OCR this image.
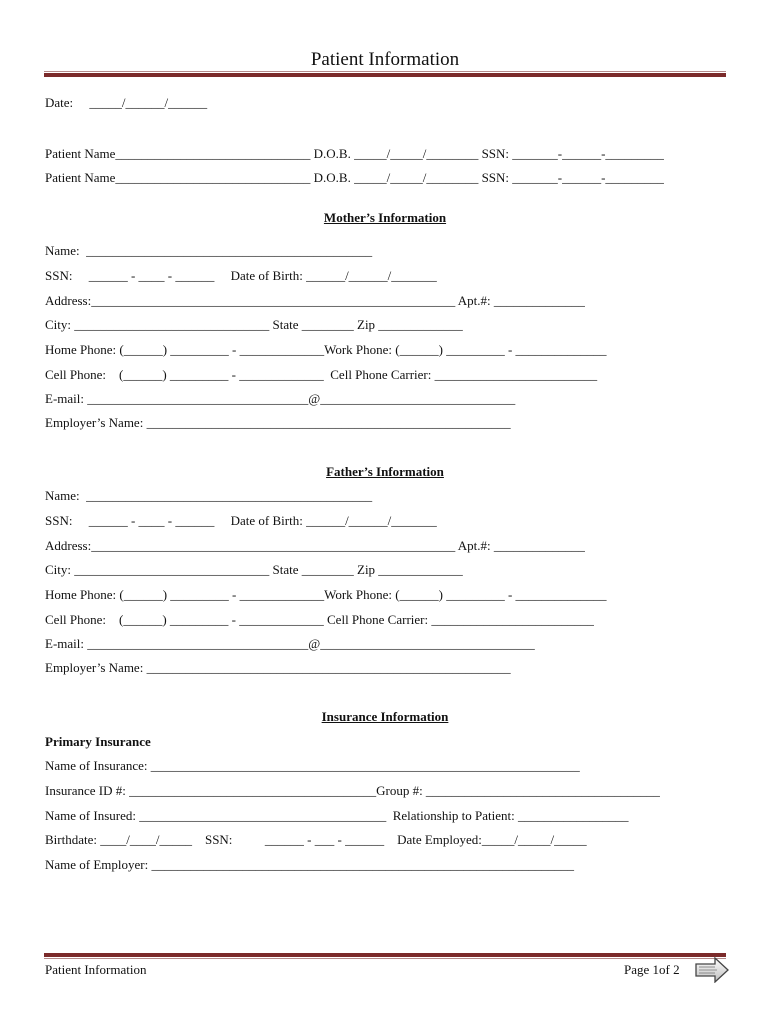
Patient Information
Date:     _____/______/______
Patient Name______________________________ D.O.B. _____/_____/________ SSN: _______-______-_________
Patient Name______________________________ D.O.B. _____/_____/________ SSN: _______-______-_________
Mother’s Information
Name:  ____________________________________________
SSN:     ______ - ____ - ______     Date of Birth: ______/______/_______
Address:________________________________________________________ Apt.#: ______________
City: ______________________________ State ________ Zip _____________
Home Phone: (______) _________ - _____________Work Phone: (______) _________ - ______________
Cell Phone:    (______) _________ - _____________  Cell Phone Carrier: _________________________
E-mail: __________________________________@______________________________
Employer’s Name: ________________________________________________________
Father’s Information
Name:  ____________________________________________
SSN:     ______ - ____ - ______     Date of Birth: ______/______/_______
Address:________________________________________________________ Apt.#: ______________
City: ______________________________ State ________ Zip _____________
Home Phone: (______) _________ - _____________Work Phone: (______) _________ - ______________
Cell Phone:    (______) _________ - _____________ Cell Phone Carrier: _________________________
E-mail: __________________________________@_________________________________
Employer’s Name: ________________________________________________________
Insurance Information
Primary Insurance
Name of Insurance: __________________________________________________________________
Insurance ID #: ______________________________________Group #: ____________________________________
Name of Insured: ______________________________________  Relationship to Patient: _________________
Birthdate: ____/____/_____    SSN:          ______ - ___ - ______    Date Employed:_____/_____/_____
Name of Employer: _________________________________________________________________
Patient Information	Page 1of 2
